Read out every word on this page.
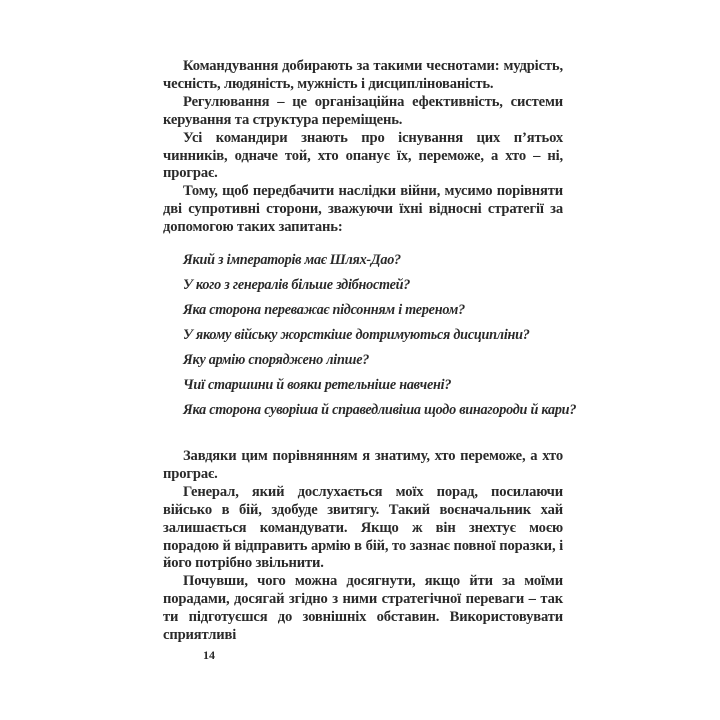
Командування добирають за такими чеснотами: мудрість, чесність, людяність, мужність і дисциплінованість.

Регулювання – це організаційна ефективність, системи керування та структура переміщень.

Усі командири знають про існування цих п’ятьох чинників, одначе той, хто опанує їх, переможе, а хто – ні, програє.

Тому, щоб передбачити наслідки війни, мусимо порівняти дві супротивні сторони, зважуючи їхні відносні стратегії за допомогою таких запитань:

Який з імператорів має Шлях-Дао?
У кого з генералів більше здібностей?
Яка сторона переважає підсонням і тереном?
У якому війську жорсткіше дотримуються дисципліни?
Яку армію споряджено ліпше?
Чиї старшини й вояки ретельніше навчені?
Яка сторона суворіша й справедливіша щодо винагороди й кари?

Завдяки цим порівнянням я знатиму, хто переможе, а хто програє.

Генерал, який дослухається моїх порад, посилаючи військо в бій, здобуде звитягу. Такий воєначальник хай залишається командувати. Якщо ж він знехтує моєю порадою й відправить армію в бій, то зазнає повної поразки, і його потрібно звільнити.

Почувши, чого можна досягнути, якщо йти за моїми порадами, досягай згідно з ними стратегічної переваги – так ти підготуєшся до зовнішніх обставин. Використовувати сприятливі

14
